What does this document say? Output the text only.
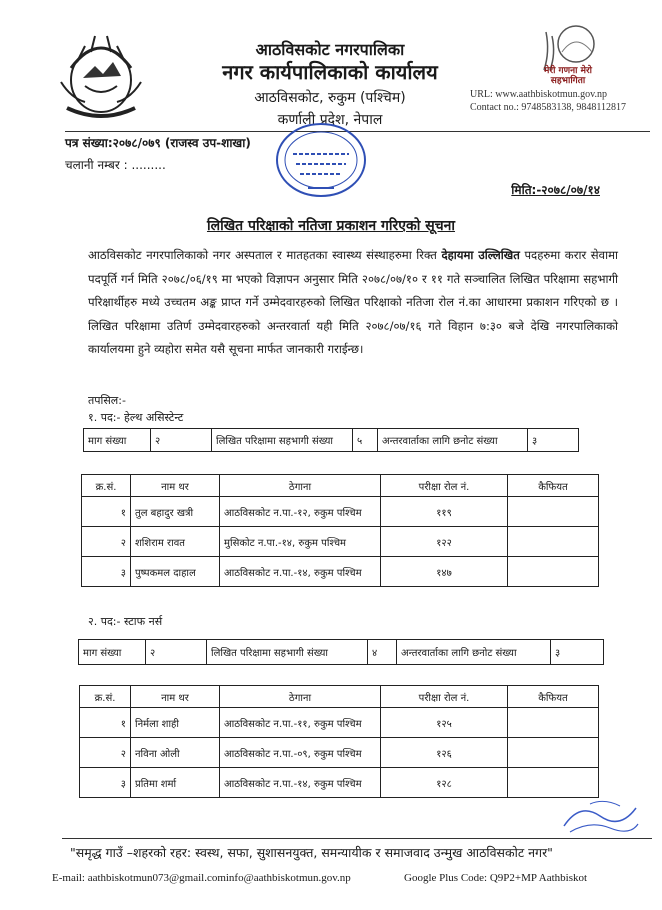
आठविसकोट नगरपालिका
नगर कार्यपालिकाको कार्यालय
आठविसकोट, रुकुम (पश्चिम)
कर्णाली प्रदेश, नेपाल
मेरी गणना मेरो सहभागिता
URL: www.aathbiskotmun.gov.np
Contact no.: 9748583138, 9848112817
पत्र संख्या:२०७८/०७९ (राजस्व उप-शाखा)
चलानी नम्बर : .........
मिति:-२०७८/०७/१४
लिखित परिक्षाको नतिजा प्रकाशन गरिएको सूचना
आठविसकोट नगरपालिकाको नगर अस्पताल र मातहतका स्वास्थ्य संस्थाहरुमा रिक्त देहायमा उल्लिखित पदहरुमा करार सेवामा पदपूर्ति गर्न मिति २०७८/०६/१९ मा भएको विज्ञापन अनुसार मिति २०७८/०७/१० र ११ गते सञ्चालित लिखित परिक्षामा सहभागी परिक्षार्थीहरु मध्ये उच्चतम अङ्क प्राप्त गर्ने उम्मेदवारहरुको लिखित परिक्षाको नतिजा रोल नं.का आधारमा प्रकाशन गरिएको छ । लिखित परिक्षामा उतिर्ण उम्मेदवारहरुको अन्तरवार्ता यही मिति २०७८/०७/१६ गते विहान ७:३० बजे देखि नगरपालिकाको कार्यालयमा हुने व्यहोरा समेत यसै सूचना मार्फत जानकारी गराईन्छ।
तपसिल:-
१. पद:- हेल्थ असिस्टेन्ट
माग संख्या	२	लिखित परिक्षामा सहभागी संख्या	५	अन्तरवार्ताका लागि छनोट संख्या	३
क्र.सं.	नाम थर	ठेगाना	परीक्षा रोल नं.	कैफियत
१	तुल बहादुर खत्री	आठविसकोट न.पा.-१२, रुकुम पश्चिम	११९	
२	शशिराम रावत	मुसिकोट न.पा.-१४, रुकुम पश्चिम	१२२	
३	पुष्पकमल दाहाल	आठविसकोट न.पा.-१४, रुकुम पश्चिम	१४७	
२. पद:- स्टाफ नर्स
माग संख्या	२	लिखित परिक्षामा सहभागी संख्या	४	अन्तरवार्ताका लागि छनोट संख्या	३
क्र.सं.	नाम थर	ठेगाना	परीक्षा रोल नं.	कैफियत
१	निर्मला शाही	आठविसकोट न.पा.-११, रुकुम पश्चिम	१२५	
२	नविना ओली	आठविसकोट न.पा.-०९, रुकुम पश्चिम	१२६	
३	प्रतिमा शर्मा	आठविसकोट न.पा.-१४, रुकुम पश्चिम	१२८	
"समृद्ध गाउँ –शहरको रहर: स्वस्थ, सफा, सुशासनयुक्त, समन्यायीक र समाजवाद उन्मुख आठविसकोट नगर"
E-mail: aathbiskotmun073@gmail.cominfo@aathbiskotmun.gov.np	Google Plus Code: Q9P2+MP Aathbiskot
